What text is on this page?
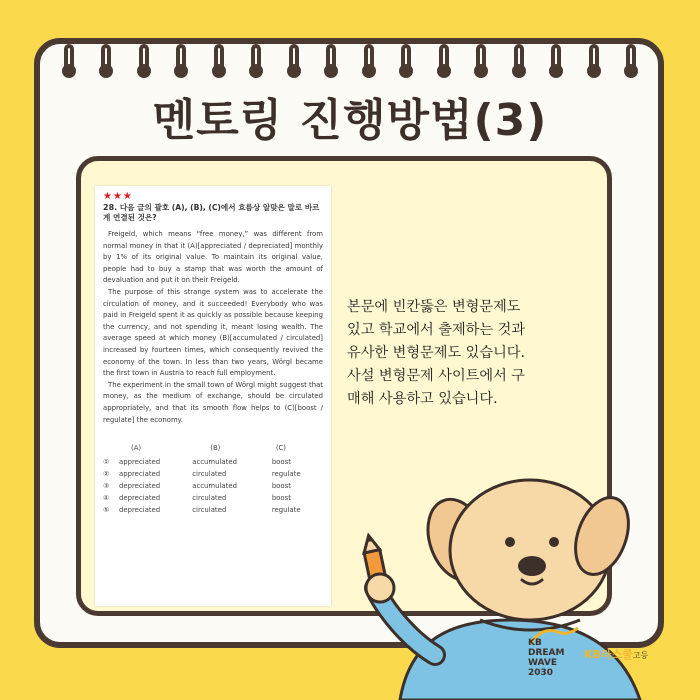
멘토링 진행방법(3)
★★★
28. 다음 글의 괄호 (A), (B), (C)에서 흐름상 알맞은 말로 바르게 연결된 것은?

Freigeld, which means “free money,” was different from normal money in that it (A)[appreciated / depreciated] monthly by 1% of its original value. To maintain its original value, people had to buy a stamp that was worth the amount of devaluation and put it on their Freigeld.

The purpose of this strange system was to accelerate the circulation of money, and it succeeded! Everybody who was paid in Freigeld spent it as quickly as possible because keeping the currency, and not spending it, meant losing wealth. The average speed at which money (B)[accumulated / circulated] increased by fourteen times, which consequently revived the economy of the town. In less than two years, Wörgl became the first town in Austria to reach full employment.

The experiment in the small town of Wörgl might suggest that money, as the medium of exchange, should be circulated appropriately, and that its smooth flow helps to (C)[boost / regulate] the economy.

	(A)	(B)	(C)
①	appreciated	accumulated	boost
②	appreciated	circulated	regulate
③	depreciated	accumulated	boost
④	depreciated	circulated	boost
⑤	depreciated	circulated	regulate
본문에 빈칸뚫은 변형문제도
있고 학교에서 출제하는 것과
유사한 변형문제도 있습니다.
사설 변형문제 사이트에서 구
매해 사용하고 있습니다.
KB
DREAM
WAVE
2030
KB라스쿨고등
